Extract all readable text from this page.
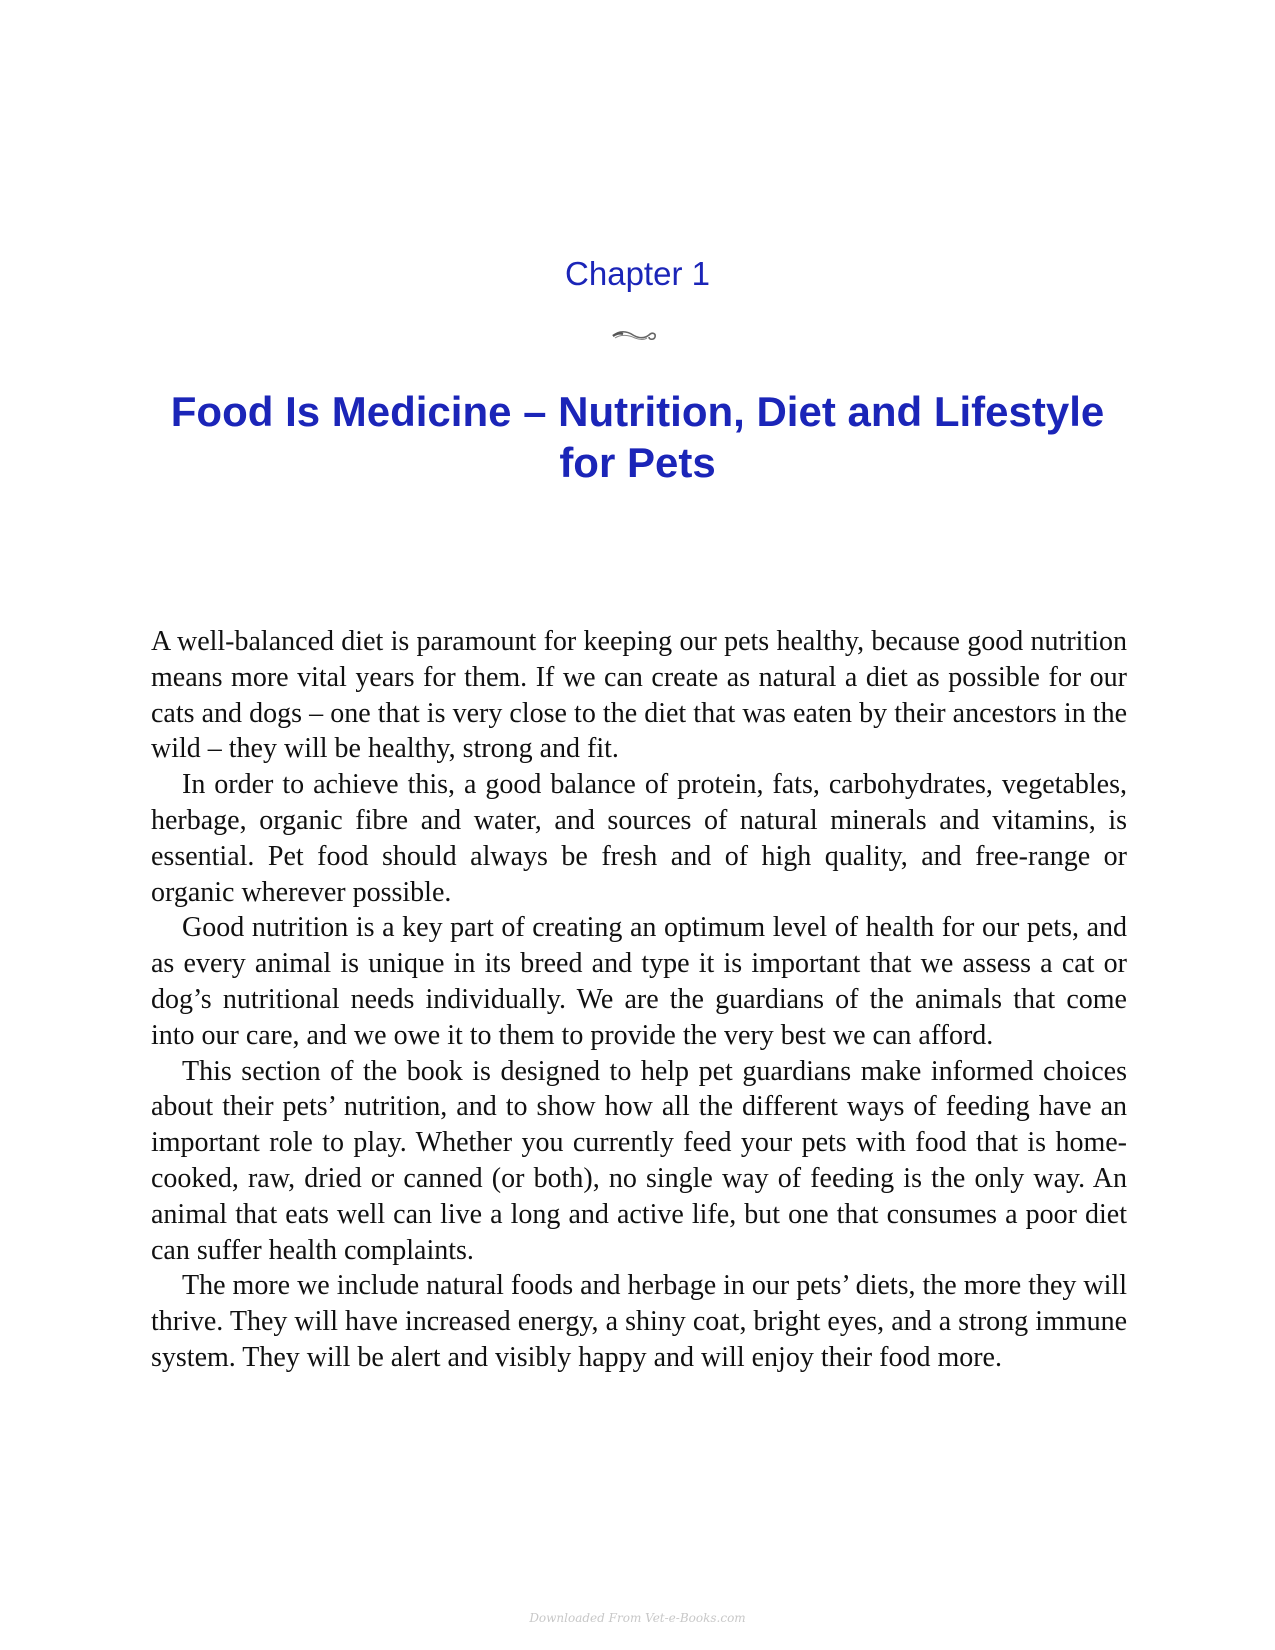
Chapter 1
Food Is Medicine – Nutrition, Diet and Lifestyle for Pets

A well-balanced diet is paramount for keeping our pets healthy, because good nutrition means more vital years for them. If we can create as natural a diet as possible for our cats and dogs – one that is very close to the diet that was eaten by their ancestors in the wild – they will be healthy, strong and fit.

In order to achieve this, a good balance of protein, fats, carbohydrates, vegetables, herbage, organic fibre and water, and sources of natural minerals and vitamins, is essential. Pet food should always be fresh and of high quality, and free-range or organic wherever possible.

Good nutrition is a key part of creating an optimum level of health for our pets, and as every animal is unique in its breed and type it is important that we assess a cat or dog’s nutritional needs individually. We are the guardians of the animals that come into our care, and we owe it to them to provide the very best we can afford.

This section of the book is designed to help pet guardians make informed choices about their pets’ nutrition, and to show how all the different ways of feeding have an important role to play. Whether you currently feed your pets with food that is home-cooked, raw, dried or canned (or both), no single way of feeding is the only way. An animal that eats well can live a long and active life, but one that consumes a poor diet can suffer health complaints.

The more we include natural foods and herbage in our pets’ diets, the more they will thrive. They will have increased energy, a shiny coat, bright eyes, and a strong immune system. They will be alert and visibly happy and will enjoy their food more.

Downloaded From Vet-e-Books.com
